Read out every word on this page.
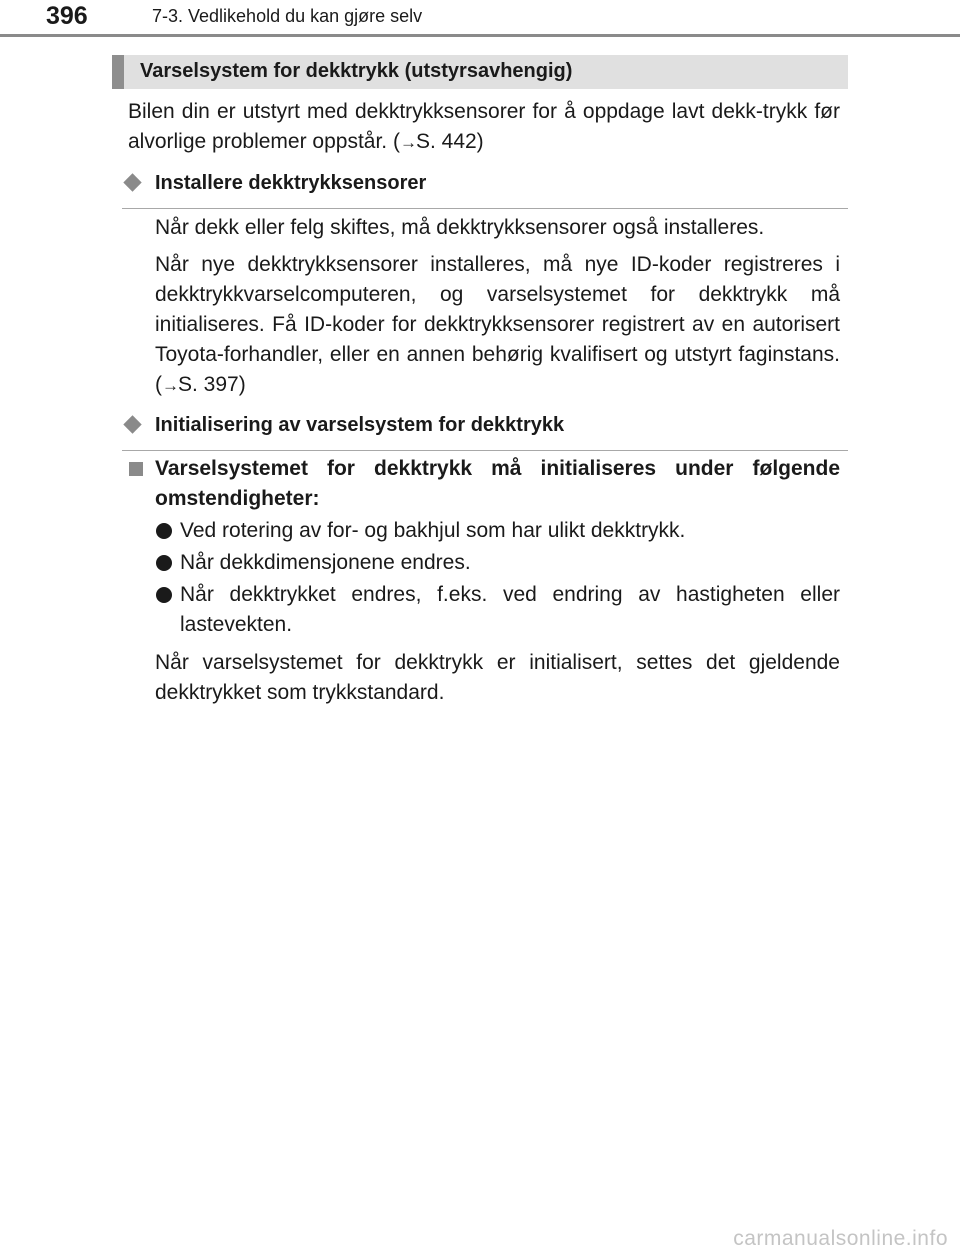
396	7-3. Vedlikehold du kan gjøre selv
Varselsystem for dekktrykk (utstyrsavhengig)

Bilen din er utstyrt med dekktrykksensorer for å oppdage lavt dekk-trykk før alvorlige problemer oppstår. (→S. 442)

Installere dekktrykksensorer

Når dekk eller felg skiftes, må dekktrykksensorer også installeres.

Når nye dekktrykksensorer installeres, må nye ID-koder registreres i dekktrykkvarselcomputeren, og varselsystemet for dekktrykk må initialiseres. Få ID-koder for dekktrykksensorer registrert av en autorisert Toyota-forhandler, eller en annen behørig kvalifisert og utstyrt faginstans. (→S. 397)

Initialisering av varselsystem for dekktrykk

Varselsystemet for dekktrykk må initialiseres under følgende omstendigheter:

Ved rotering av for- og bakhjul som har ulikt dekktrykk.

Når dekkdimensjonene endres.

Når dekktrykket endres, f.eks. ved endring av hastigheten eller lastevekten.

Når varselsystemet for dekktrykk er initialisert, settes det gjeldende dekktrykket som trykkstandard.

carmanualsonline.info
